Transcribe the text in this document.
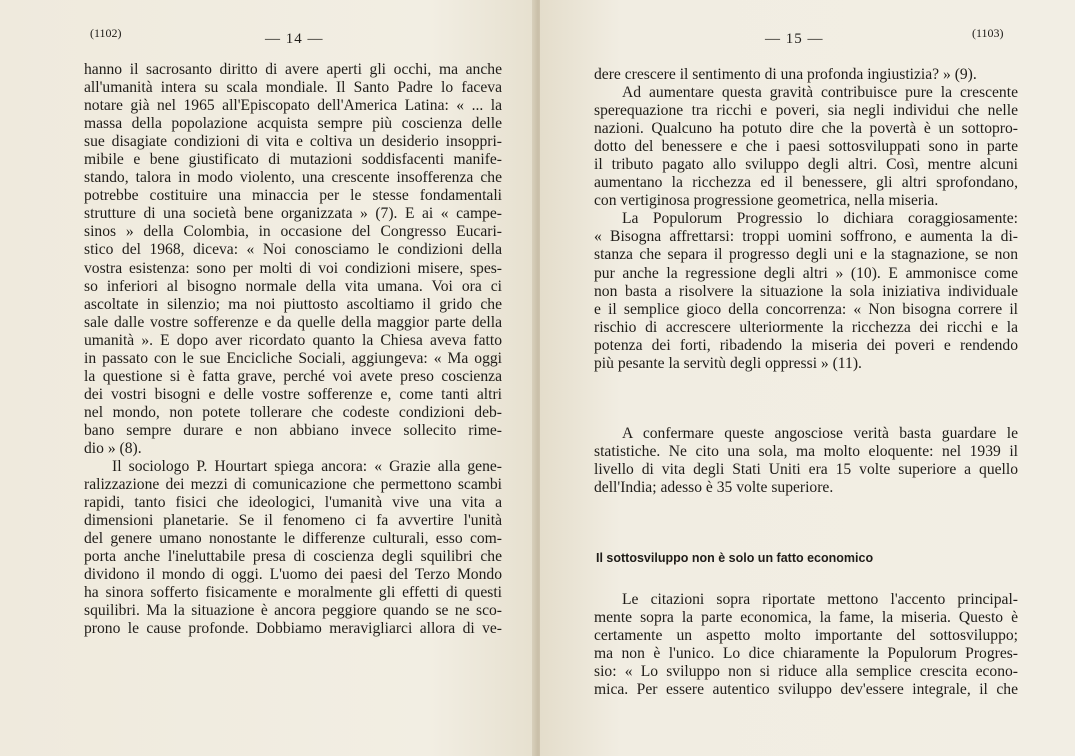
(1102)	— 14 —
hanno il sacrosanto diritto di avere aperti gli occhi, ma anche
all'umanità intera su scala mondiale. Il Santo Padre lo faceva
notare già nel 1965 all'Episcopato dell'America Latina: « ... la
massa della popolazione acquista sempre più coscienza delle
sue disagiate condizioni di vita e coltiva un desiderio insoppri-
mibile e bene giustificato di mutazioni soddisfacenti manife-
stando, talora in modo violento, una crescente insofferenza che
potrebbe costituire una minaccia per le stesse fondamentali
strutture di una società bene organizzata » (7). E ai « campe-
sinos » della Colombia, in occasione del Congresso Eucari-
stico del 1968, diceva: « Noi conosciamo le condizioni della
vostra esistenza: sono per molti di voi condizioni misere, spes-
so inferiori al bisogno normale della vita umana. Voi ora ci
ascoltate in silenzio; ma noi piuttosto ascoltiamo il grido che
sale dalle vostre sofferenze e da quelle della maggior parte della
umanità ». E dopo aver ricordato quanto la Chiesa aveva fatto
in passato con le sue Encicliche Sociali, aggiungeva: « Ma oggi
la questione si è fatta grave, perché voi avete preso coscienza
dei vostri bisogni e delle vostre sofferenze e, come tanti altri
nel mondo, non potete tollerare che codeste condizioni deb-
bano sempre durare e non abbiano invece sollecito rime-
dio » (8).
Il sociologo P. Hourtart spiega ancora: « Grazie alla gene-
ralizzazione dei mezzi di comunicazione che permettono scambi
rapidi, tanto fisici che ideologici, l'umanità vive una vita a
dimensioni planetarie. Se il fenomeno ci fa avvertire l'unità
del genere umano nonostante le differenze culturali, esso com-
porta anche l'ineluttabile presa di coscienza degli squilibri che
dividono il mondo di oggi. L'uomo dei paesi del Terzo Mondo
ha sinora sofferto fisicamente e moralmente gli effetti di questi
squilibri. Ma la situazione è ancora peggiore quando se ne sco-
prono le cause profonde. Dobbiamo meravigliarci allora di ve-
— 15 —	(1103)
dere crescere il sentimento di una profonda ingiustizia? » (9).
Ad aumentare questa gravità contribuisce pure la crescente
sperequazione tra ricchi e poveri, sia negli individui che nelle
nazioni. Qualcuno ha potuto dire che la povertà è un sottopro-
dotto del benessere e che i paesi sottosviluppati sono in parte
il tributo pagato allo sviluppo degli altri. Così, mentre alcuni
aumentano la ricchezza ed il benessere, gli altri sprofondano,
con vertiginosa progressione geometrica, nella miseria.
La Populorum Progressio lo dichiara coraggiosamente:
« Bisogna affrettarsi: troppi uomini soffrono, e aumenta la di-
stanza che separa il progresso degli uni e la stagnazione, se non
pur anche la regressione degli altri » (10). E ammonisce come
non basta a risolvere la situazione la sola iniziativa individuale
e il semplice gioco della concorrenza: « Non bisogna correre il
rischio di accrescere ulteriormente la ricchezza dei ricchi e la
potenza dei forti, ribadendo la miseria dei poveri e rendendo
più pesante la servitù degli oppressi » (11).
A confermare queste angosciose verità basta guardare le
statistiche. Ne cito una sola, ma molto eloquente: nel 1939 il
livello di vita degli Stati Uniti era 15 volte superiore a quello
dell'India; adesso è 35 volte superiore.
Il sottosviluppo non è solo un fatto economico
Le citazioni sopra riportate mettono l'accento principal-
mente sopra la parte economica, la fame, la miseria. Questo è
certamente un aspetto molto importante del sottosviluppo;
ma non è l'unico. Lo dice chiaramente la Populorum Progres-
sio: « Lo sviluppo non si riduce alla semplice crescita econo-
mica. Per essere autentico sviluppo dev'essere integrale, il che
